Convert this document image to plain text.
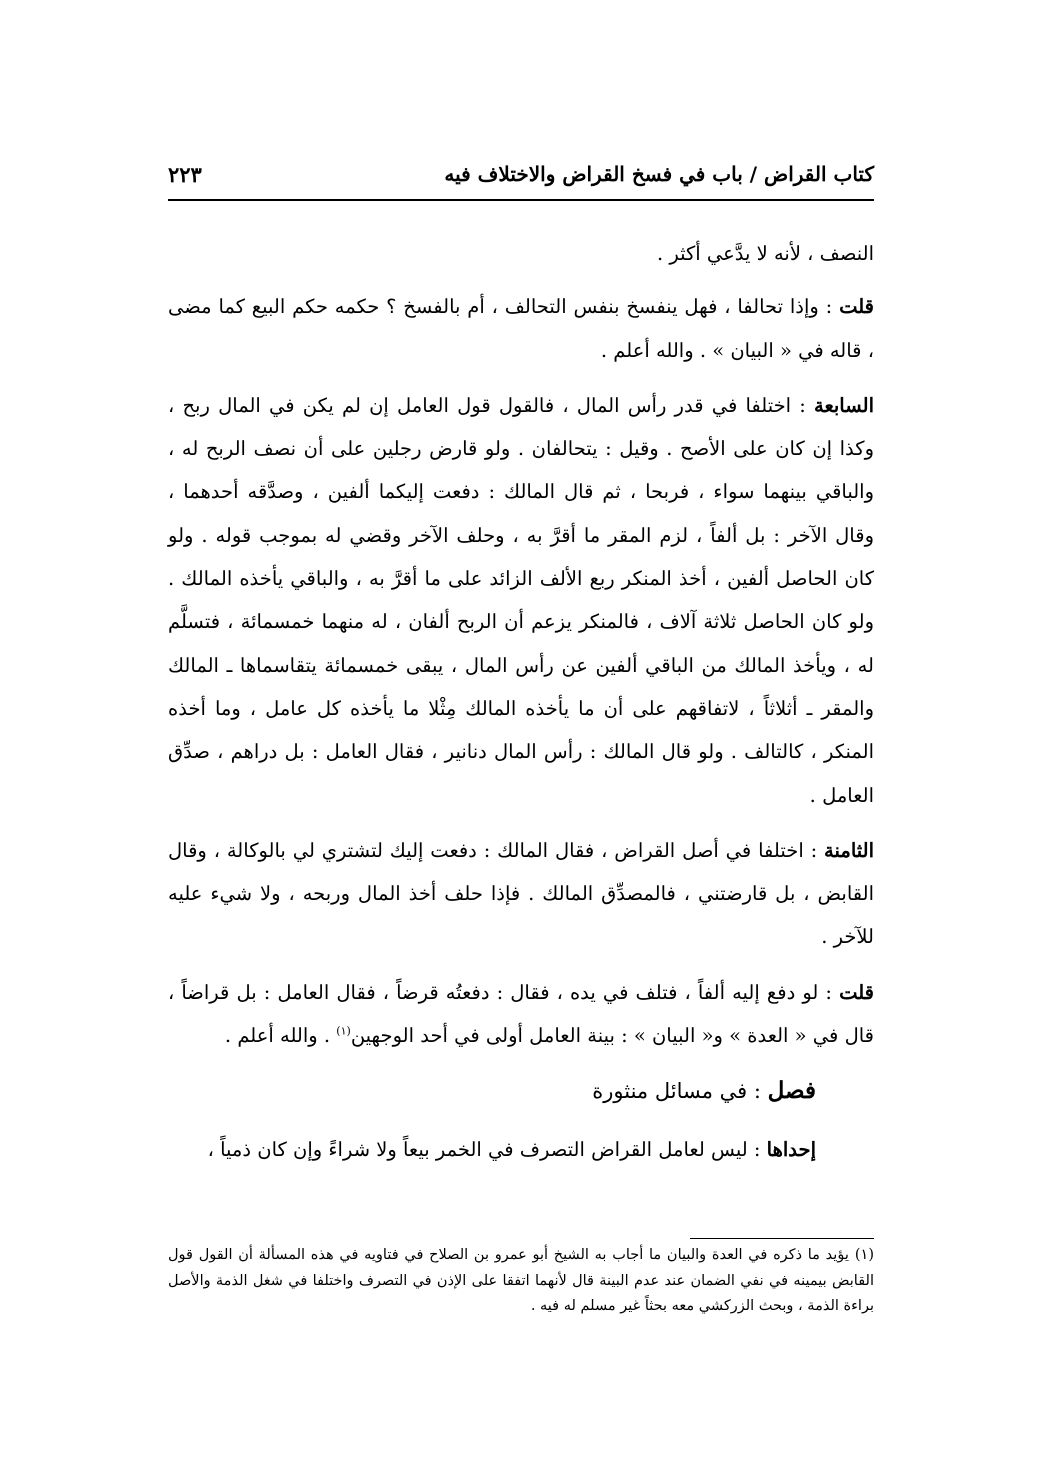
كتاب القراض / باب في فسخ القراض والاختلاف فيه
٢٢٣

النصف ، لأنه لا يدَّعي أكثر .

قلت : وإذا تحالفا ، فهل ينفسخ بنفس التحالف ، أم بالفسخ ؟ حكمه حكم البيع كما مضى ، قاله في « البيان » . والله أعلم .

السابعة : اختلفا في قدر رأس المال ، فالقول قول العامل إن لم يكن في المال ربح ، وكذا إن كان على الأصح . وقيل : يتحالفان . ولو قارض رجلين على أن نصف الربح له ، والباقي بينهما سواء ، فربحا ، ثم قال المالك : دفعت إليكما ألفين ، وصدَّقه أحدهما ، وقال الآخر : بل ألفاً ، لزم المقر ما أقرَّ به ، وحلف الآخر وقضي له بموجب قوله . ولو كان الحاصل ألفين ، أخذ المنكر ربع الألف الزائد على ما أقرَّ به ، والباقي يأخذه المالك . ولو كان الحاصل ثلاثة آلاف ، فالمنكر يزعم أن الربح ألفان ، له منهما خمسمائة ، فتسلَّم له ، ويأخذ المالك من الباقي ألفين عن رأس المال ، يبقى خمسمائة يتقاسماها ـ المالك والمقر ـ أثلاثاً ، لاتفاقهم على أن ما يأخذه المالك مِثْلا ما يأخذه كل عامل ، وما أخذه المنكر ، كالتالف . ولو قال المالك : رأس المال دنانير ، فقال العامل : بل دراهم ، صدِّق العامل .

الثامنة : اختلفا في أصل القراض ، فقال المالك : دفعت إليك لتشتري لي بالوكالة ، وقال القابض ، بل قارضتني ، فالمصدِّق المالك . فإذا حلف أخذ المال وربحه ، ولا شيء عليه للآخر .

قلت : لو دفع إليه ألفاً ، فتلف في يده ، فقال : دفعتُه قرضاً ، فقال العامل : بل قراضاً ، قال في « العدة » و« البيان » : بينة العامل أولى في أحد الوجهين$^{(١)}$ . والله أعلم .

فصل : في مسائل منثورة

إحداها : ليس لعامل القراض التصرف في الخمر بيعاً ولا شراءً وإن كان ذمياً ،

(١)يؤيد ما ذكره في العدة والبيان ما أجاب به الشيخ أبو عمرو بن الصلاح في فتاويه في هذه المسألة أن القول قول القابض بيمينه في نفي الضمان عند عدم البينة قال لأنهما اتفقا على الإذن في التصرف واختلفا في شغل الذمة والأصل براءة الذمة ، وبحث الزركشي معه بحثاً غير مسلم له فيه .
